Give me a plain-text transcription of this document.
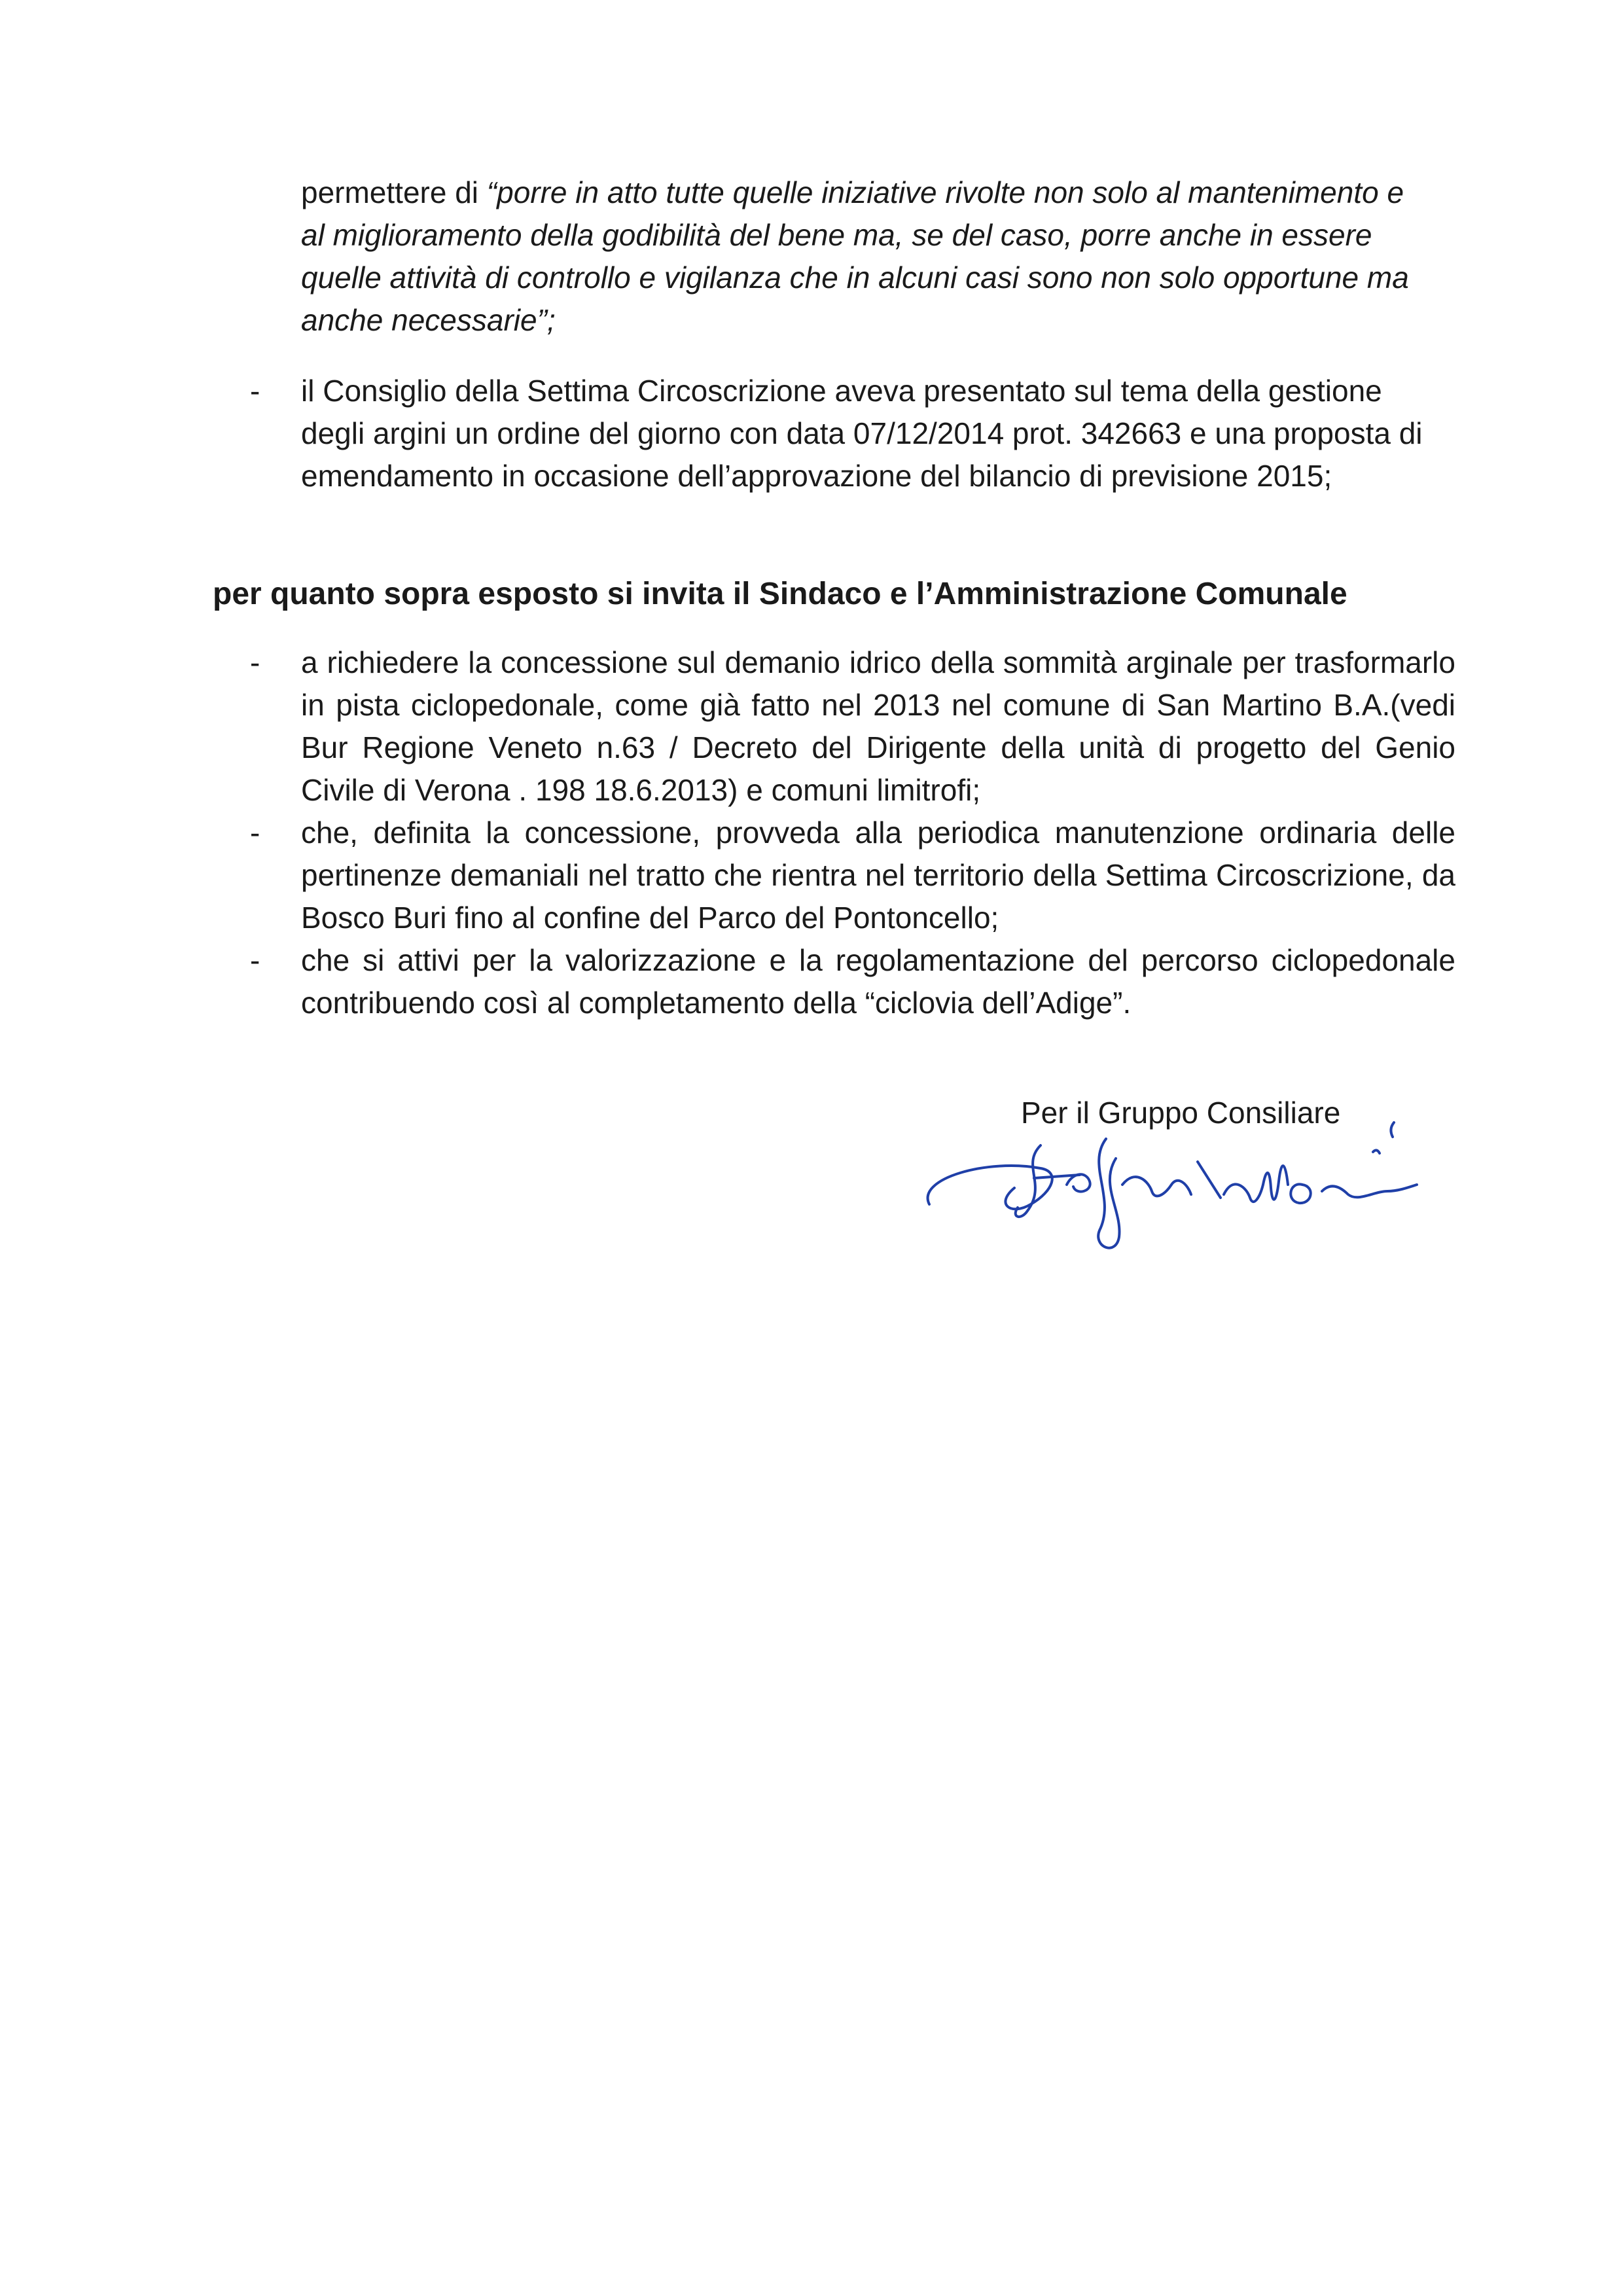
permettere di “porre in atto tutte quelle iniziative rivolte non solo al mantenimento e al miglioramento della godibilità del bene ma, se del caso, porre anche in essere quelle attività di controllo e vigilanza che in alcuni casi sono non solo opportune ma anche necessarie”;

- il Consiglio della Settima Circoscrizione aveva presentato sul tema della gestione degli argini un ordine del giorno con data 07/12/2014 prot. 342663 e una proposta di emendamento in occasione dell’approvazione del bilancio di previsione 2015;
per quanto sopra esposto si invita il Sindaco e l’Amministrazione Comunale
- a richiedere la concessione sul demanio idrico della sommità arginale per trasformarlo in pista ciclopedonale, come già fatto nel 2013 nel comune di San Martino B.A.(vedi Bur Regione Veneto n.63 / Decreto del Dirigente della unità di progetto del Genio Civile di Verona . 198 18.6.2013) e comuni limitrofi;
- che, definita la concessione, provveda alla periodica manutenzione ordinaria delle pertinenze demaniali nel tratto che rientra nel territorio della Settima Circoscrizione, da Bosco Buri fino al confine del Parco del Pontoncello;
- che si attivi per la valorizzazione e la regolamentazione del percorso ciclopedonale contribuendo così al completamento della “ciclovia dell’Adige”.
Per il Gruppo Consiliare
